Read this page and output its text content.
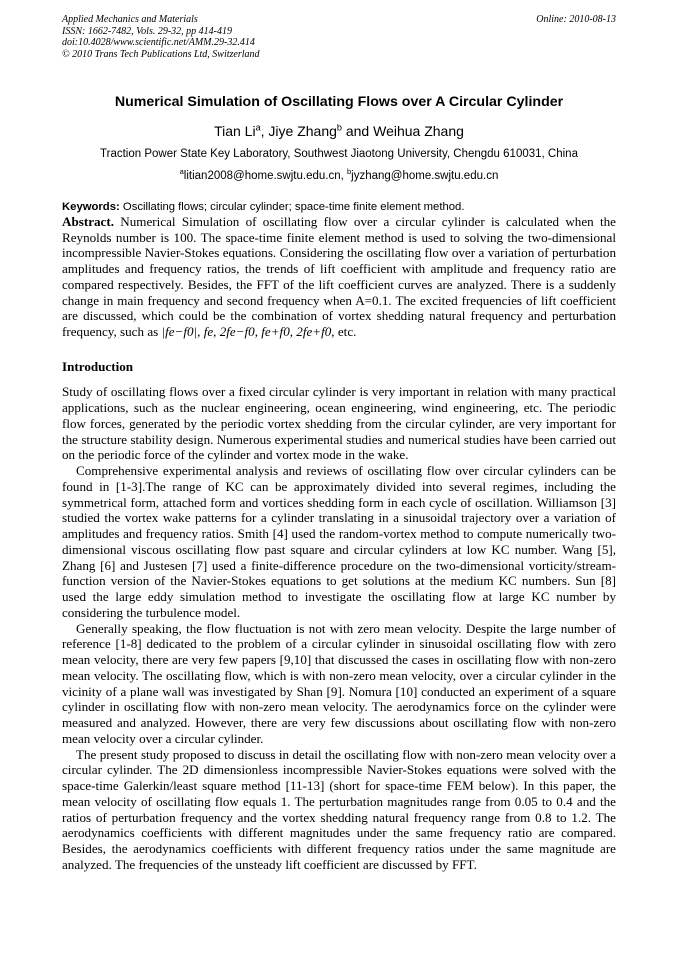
Applied Mechanics and Materials
ISSN: 1662-7482, Vols. 29-32, pp 414-419
doi:10.4028/www.scientific.net/AMM.29-32.414
© 2010 Trans Tech Publications Ltd, Switzerland
Online: 2010-08-13
Numerical Simulation of Oscillating Flows over A Circular Cylinder
Tian Li$^a$, Jiye Zhang$^b$ and Weihua Zhang
Traction Power State Key Laboratory, Southwest Jiaotong University, Chengdu 610031, China
$^a$litian2008@home.swjtu.edu.cn, $^b$jyzhang@home.swjtu.edu.cn
Keywords: Oscillating flows; circular cylinder; space-time finite element method.

Abstract. Numerical Simulation of oscillating flow over a circular cylinder is calculated when the Reynolds number is 100. The space-time finite element method is used to solving the two-dimensional incompressible Navier-Stokes equations. Considering the oscillating flow over a variation of perturbation amplitudes and frequency ratios, the trends of lift coefficient with amplitude and frequency ratio are compared respectively. Besides, the FFT of the lift coefficient curves are analyzed. There is a suddenly change in main frequency and second frequency when A=0.1. The excited frequencies of lift coefficient are discussed, which could be the combination of vortex shedding natural frequency and perturbation frequency, such as |fe−f0|, fe, 2fe−f0, fe+f0, 2fe+f0, etc.

Introduction

Study of oscillating flows over a fixed circular cylinder is very important in relation with many practical applications, such as the nuclear engineering, ocean engineering, wind engineering, etc. The periodic flow forces, generated by the periodic vortex shedding from the circular cylinder, are very important for the structure stability design. Numerous experimental studies and numerical studies have been carried out on the periodic force of the cylinder and vortex mode in the wake.

Comprehensive experimental analysis and reviews of oscillating flow over circular cylinders can be found in [1-3].The range of KC can be approximately divided into several regimes, including the symmetrical form, attached form and vortices shedding form in each cycle of oscillation. Williamson [3] studied the vortex wake patterns for a cylinder translating in a sinusoidal trajectory over a variation of amplitudes and frequency ratios. Smith [4] used the random-vortex method to compute numerically two-dimensional viscous oscillating flow past square and circular cylinders at low KC number. Wang [5], Zhang [6] and Justesen [7] used a finite-difference procedure on the two-dimensional vorticity/stream-function version of the Navier-Stokes equations to get solutions at the medium KC numbers. Sun [8] used the large eddy simulation method to investigate the oscillating flow at large KC number by considering the turbulence model.

Generally speaking, the flow fluctuation is not with zero mean velocity. Despite the large number of reference [1-8] dedicated to the problem of a circular cylinder in sinusoidal oscillating flow with zero mean velocity, there are very few papers [9,10] that discussed the cases in oscillating flow with non-zero mean velocity. The oscillating flow, which is with non-zero mean velocity, over a circular cylinder in the vicinity of a plane wall was investigated by Shan [9]. Nomura [10] conducted an experiment of a square cylinder in oscillating flow with non-zero mean velocity. The aerodynamics force on the cylinder were measured and analyzed. However, there are very few discussions about oscillating flow with non-zero mean velocity over a circular cylinder.

The present study proposed to discuss in detail the oscillating flow with non-zero mean velocity over a circular cylinder. The 2D dimensionless incompressible Navier-Stokes equations were solved with the space-time Galerkin/least square method [11-13] (short for space-time FEM below). In this paper, the mean velocity of oscillating flow equals 1. The perturbation magnitudes range from 0.05 to 0.4 and the ratios of perturbation frequency and the vortex shedding natural frequency range from 0.8 to 1.2. The aerodynamics coefficients with different magnitudes under the same frequency ratio are compared. Besides, the aerodynamics coefficients with different frequency ratios under the same magnitude are analyzed. The frequencies of the unsteady lift coefficient are discussed by FFT.
